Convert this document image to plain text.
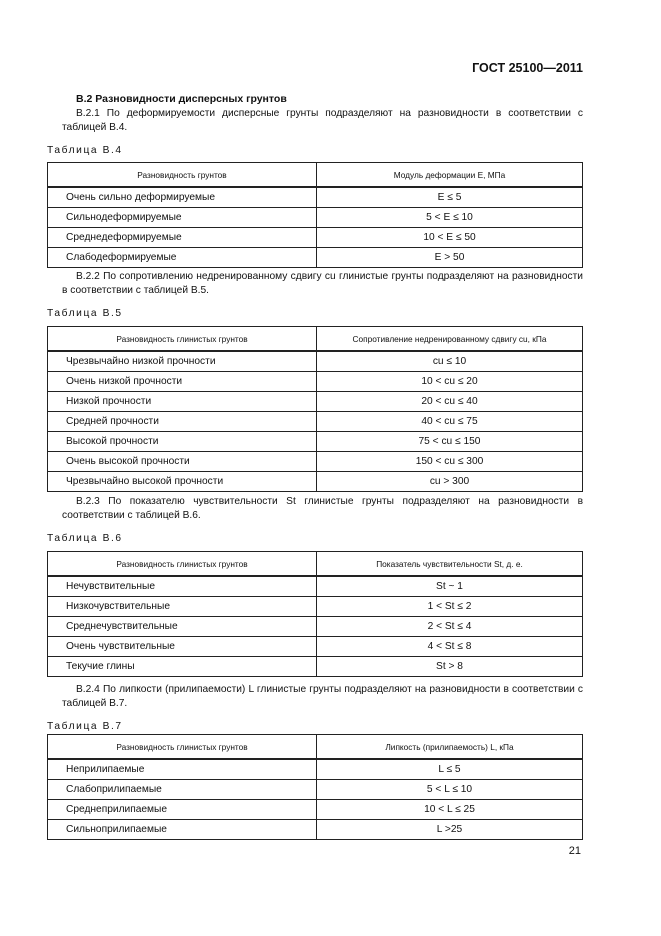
ГОСТ 25100—2011
В.2 Разновидности дисперсных грунтов
В.2.1 По деформируемости дисперсные грунты подразделяют на разновидности в соответствии с таблицей В.4.
Таблица В.4
Разновидность грунтов	Модуль деформации E, МПа
Очень сильно деформируемые	E ≤ 5
Сильнодеформируемые	5 < E ≤ 10
Среднедеформируемые	10 < E ≤ 50
Слабодеформируемые	E > 50
В.2.2 По сопротивлению недренированному сдвигу cu глинистые грунты подразделяют на разновидности в соответствии с таблицей В.5.
Таблица В.5
Разновидность глинистых грунтов	Сопротивление недренированному сдвигу cu, кПа
Чрезвычайно низкой прочности	cu ≤ 10
Очень низкой прочности	10 < cu ≤ 20
Низкой прочности	20 < cu ≤ 40
Средней прочности	40 < cu ≤ 75
Высокой прочности	75 < cu ≤ 150
Очень высокой прочности	150 < cu ≤ 300
Чрезвычайно высокой прочности	cu > 300
В.2.3 По показателю чувствительности St глинистые грунты подразделяют на разновидности в соответствии с таблицей В.6.
Таблица В.6
Разновидность глинистых грунтов	Показатель чувствительности St, д. е.
Нечувствительные	St ~ 1
Низкочувствительные	1 < St ≤ 2
Среднечувствительные	2 < St ≤ 4
Очень чувствительные	4 < St ≤ 8
Текучие глины	St > 8
В.2.4 По липкости (прилипаемости) L глинистые грунты подразделяют на разновидности в соответствии с таблицей В.7.
Таблица В.7
Разновидность глинистых грунтов	Липкость (прилипаемость) L, кПа
Неприлипаемые	L ≤ 5
Слабоприлипаемые	5 < L ≤ 10
Среднеприлипаемые	10 < L ≤ 25
Сильноприлипаемые	L >25
21
